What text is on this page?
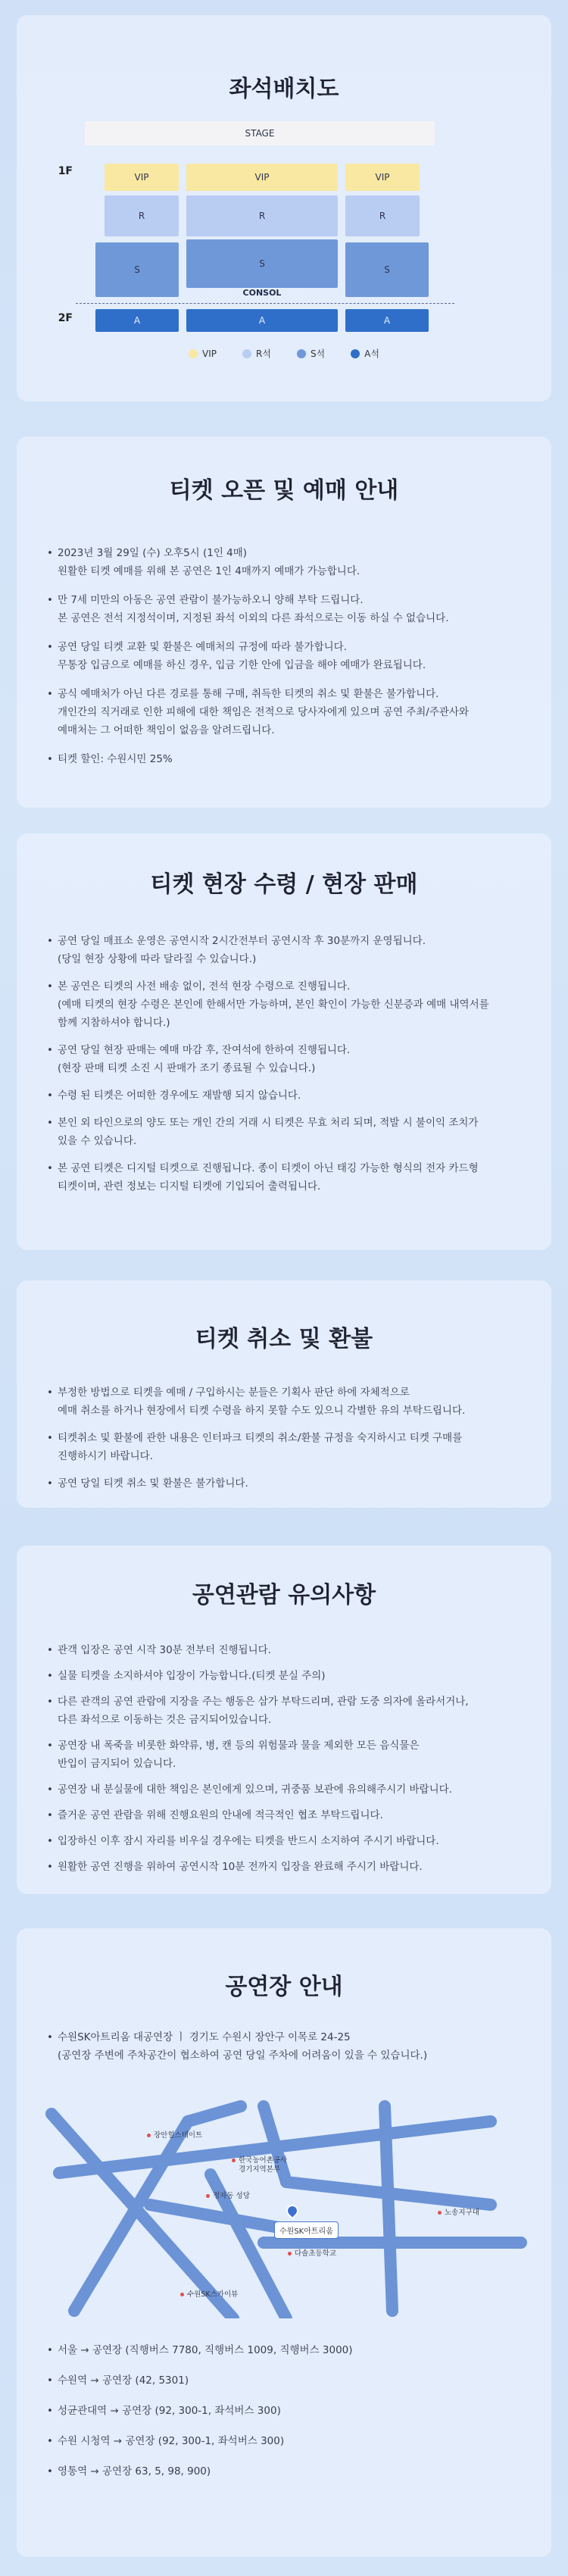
좌석배치도
STAGE
1F	VIP	VIP	VIP
R	R	R
S
S
CONSOL
S
2F	A	A	A
VIP	R석	S석	A석
티켓 오픈 및 예매 안내
• 2023년 3월 29일 (수) 오후5시 (1인 4매)
원활한 티켓 예매를 위해 본 공연은 1인 4매까지 예매가 가능합니다.
• 만 7세 미만의 아동은 공연 관람이 불가능하오니 양해 부탁 드립니다.
본 공연은 전석 지정석이며, 지정된 좌석 이외의 다른 좌석으로는 이동 하실 수 없습니다.
• 공연 당일 티켓 교환 및 환불은 예매처의 규정에 따라 불가합니다.
무통장 입금으로 예매를 하신 경우, 입금 기한 안에 입금을 해야 예매가 완료됩니다.
• 공식 예매처가 아닌 다른 경로를 통해 구매, 취득한 티켓의 취소 및 환불은 불가합니다.
개인간의 직거래로 인한 피해에 대한 책임은 전적으로 당사자에게 있으며 공연 주최/주관사와
예매처는 그 어떠한 책임이 없음을 알려드립니다.
• 티켓 할인: 수원시민 25%
티켓 현장 수령 / 현장 판매
• 공연 당일 매표소 운영은 공연시작 2시간전부터 공연시작 후 30분까지 운영됩니다.
(당일 현장 상황에 따라 달라질 수 있습니다.)
• 본 공연은 티켓의 사전 배송 없이, 전석 현장 수령으로 진행됩니다.
(예매 티켓의 현장 수령은 본인에 한해서만 가능하며, 본인 확인이 가능한 신분증과 예매 내역서를
함께 지참하셔야 합니다.)
• 공연 당일 현장 판매는 예매 마감 후, 잔여석에 한하여 진행됩니다.
(현장 판매 티켓 소진 시 판매가 조기 종료될 수 있습니다.)
• 수령 된 티켓은 어떠한 경우에도 재발행 되지 않습니다.
• 본인 외 타인으로의 양도 또는 개인 간의 거래 시 티켓은 무효 처리 되며, 적발 시 불이익 조치가
있을 수 있습니다.
• 본 공연 티켓은 디지털 티켓으로 진행됩니다. 종이 티켓이 아닌 태깅 가능한 형식의 전자 카드형
티켓이며, 관련 정보는 디지털 티켓에 기입되어 출력됩니다.
티켓 취소 및 환불
• 부정한 방법으로 티켓을 예매 / 구입하시는 분들은 기획사 판단 하에 자체적으로
예매 취소를 하거나 현장에서 티켓 수령을 하지 못할 수도 있으니 각별한 유의 부탁드립니다.
• 티켓취소 및 환불에 관한 내용은 인터파크 티켓의 취소/환불 규정을 숙지하시고 티켓 구매를
진행하시기 바랍니다.
• 공연 당일 티켓 취소 및 환불은 불가합니다.
공연관람 유의사항
• 관객 입장은 공연 시작 30분 전부터 진행됩니다.
• 실물 티켓을 소지하셔야 입장이 가능합니다.(티켓 분실 주의)
• 다른 관객의 공연 관람에 지장을 주는 행동은 삼가 부탁드리며, 관람 도중 의자에 올라서거나,
다른 좌석으로 이동하는 것은 금지되어있습니다.
• 공연장 내 폭죽을 비롯한 화약류, 병, 캔 등의 위험물과 물을 제외한 모든 음식물은
반입이 금지되어 있습니다.
• 공연장 내 분실물에 대한 책임은 본인에게 있으며, 귀중품 보관에 유의해주시기 바랍니다.
• 즐거운 공연 관람을 위해 진행요원의 안내에 적극적인 협조 부탁드립니다.
• 입장하신 이후 잠시 자리를 비우실 경우에는 티켓을 반드시 소지하여 주시기 바랍니다.
• 원활한 공연 진행을 위하여 공연시작 10분 전까지 입장을 완료해 주시기 바랍니다.
공연장 안내
• 수원SK아트리움 대공연장 ㅣ 경기도 수원시 장안구 이목로 24-25
(공연장 주변에 주차공간이 협소하여 공연 당일 주차에 어려움이 있을 수 있습니다.)
장안힐스테이트
한국농어촌공사
경기지역본부
정자동 성당
노송지구대
수원SK아트리움
다솔초등학교
수원SK스카이뷰
• 서울 → 공연장 (직행버스 7780, 직행버스 1009, 직행버스 3000)
• 수원역 → 공연장 (42, 5301)
• 성균관대역 → 공연장 (92, 300-1, 좌석버스 300)
• 수원 시청역 → 공연장 (92, 300-1, 좌석버스 300)
• 영통역 → 공연장 63, 5, 98, 900)
